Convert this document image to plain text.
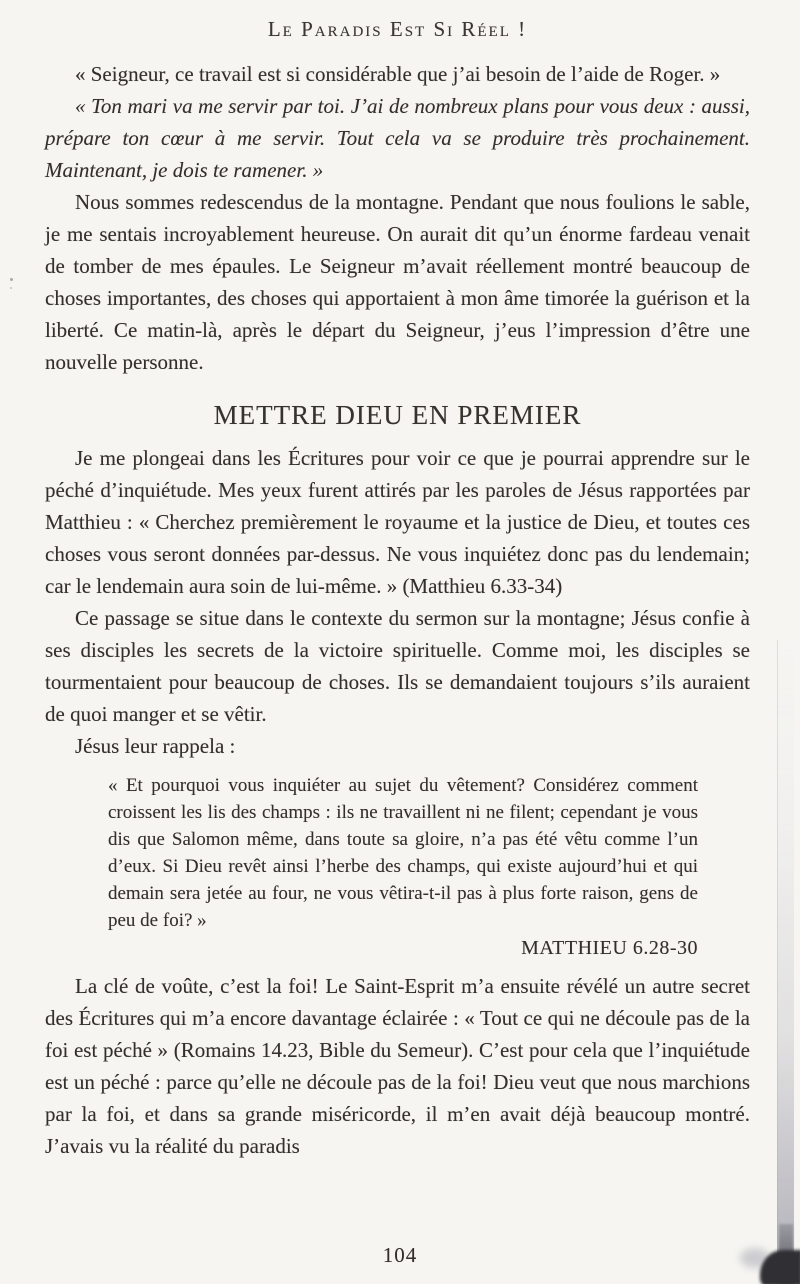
Le Paradis Est Si Réel !

« Seigneur, ce travail est si considérable que j’ai besoin de l’aide de Roger. »

« Ton mari va me servir par toi. J’ai de nombreux plans pour vous deux : aussi, prépare ton cœur à me servir. Tout cela va se produire très prochainement. Maintenant, je dois te ramener. »

Nous sommes redescendus de la montagne. Pendant que nous foulions le sable, je me sentais incroyablement heureuse. On aurait dit qu’un énorme fardeau venait de tomber de mes épaules. Le Seigneur m’avait réellement montré beaucoup de choses importantes, des choses qui apportaient à mon âme timorée la guérison et la liberté. Ce matin-là, après le départ du Seigneur, j’eus l’impression d’être une nouvelle personne.

METTRE DIEU EN PREMIER

Je me plongeai dans les Écritures pour voir ce que je pourrai apprendre sur le péché d’inquiétude. Mes yeux furent attirés par les paroles de Jésus rapportées par Matthieu : « Cherchez premièrement le royaume et la justice de Dieu, et toutes ces choses vous seront données par-dessus. Ne vous inquiétez donc pas du lendemain; car le lendemain aura soin de lui-même. » (Matthieu 6.33-34)

Ce passage se situe dans le contexte du sermon sur la montagne; Jésus confie à ses disciples les secrets de la victoire spirituelle. Comme moi, les disciples se tourmentaient pour beaucoup de choses. Ils se demandaient toujours s’ils auraient de quoi manger et se vêtir.

Jésus leur rappela :

« Et pourquoi vous inquiéter au sujet du vêtement? Considérez comment croissent les lis des champs : ils ne travaillent ni ne filent; cependant je vous dis que Salomon même, dans toute sa gloire, n’a pas été vêtu comme l’un d’eux. Si Dieu revêt ainsi l’herbe des champs, qui existe aujourd’hui et qui demain sera jetée au four, ne vous vêtira-t-il pas à plus forte raison, gens de peu de foi? »
MATTHIEU 6.28-30

La clé de voûte, c’est la foi! Le Saint-Esprit m’a ensuite révélé un autre secret des Écritures qui m’a encore davantage éclairée : « Tout ce qui ne découle pas de la foi est péché » (Romains 14.23, Bible du Semeur). C’est pour cela que l’inquiétude est un péché : parce qu’elle ne découle pas de la foi! Dieu veut que nous marchions par la foi, et dans sa grande miséricorde, il m’en avait déjà beaucoup montré. J’avais vu la réalité du paradis

104
